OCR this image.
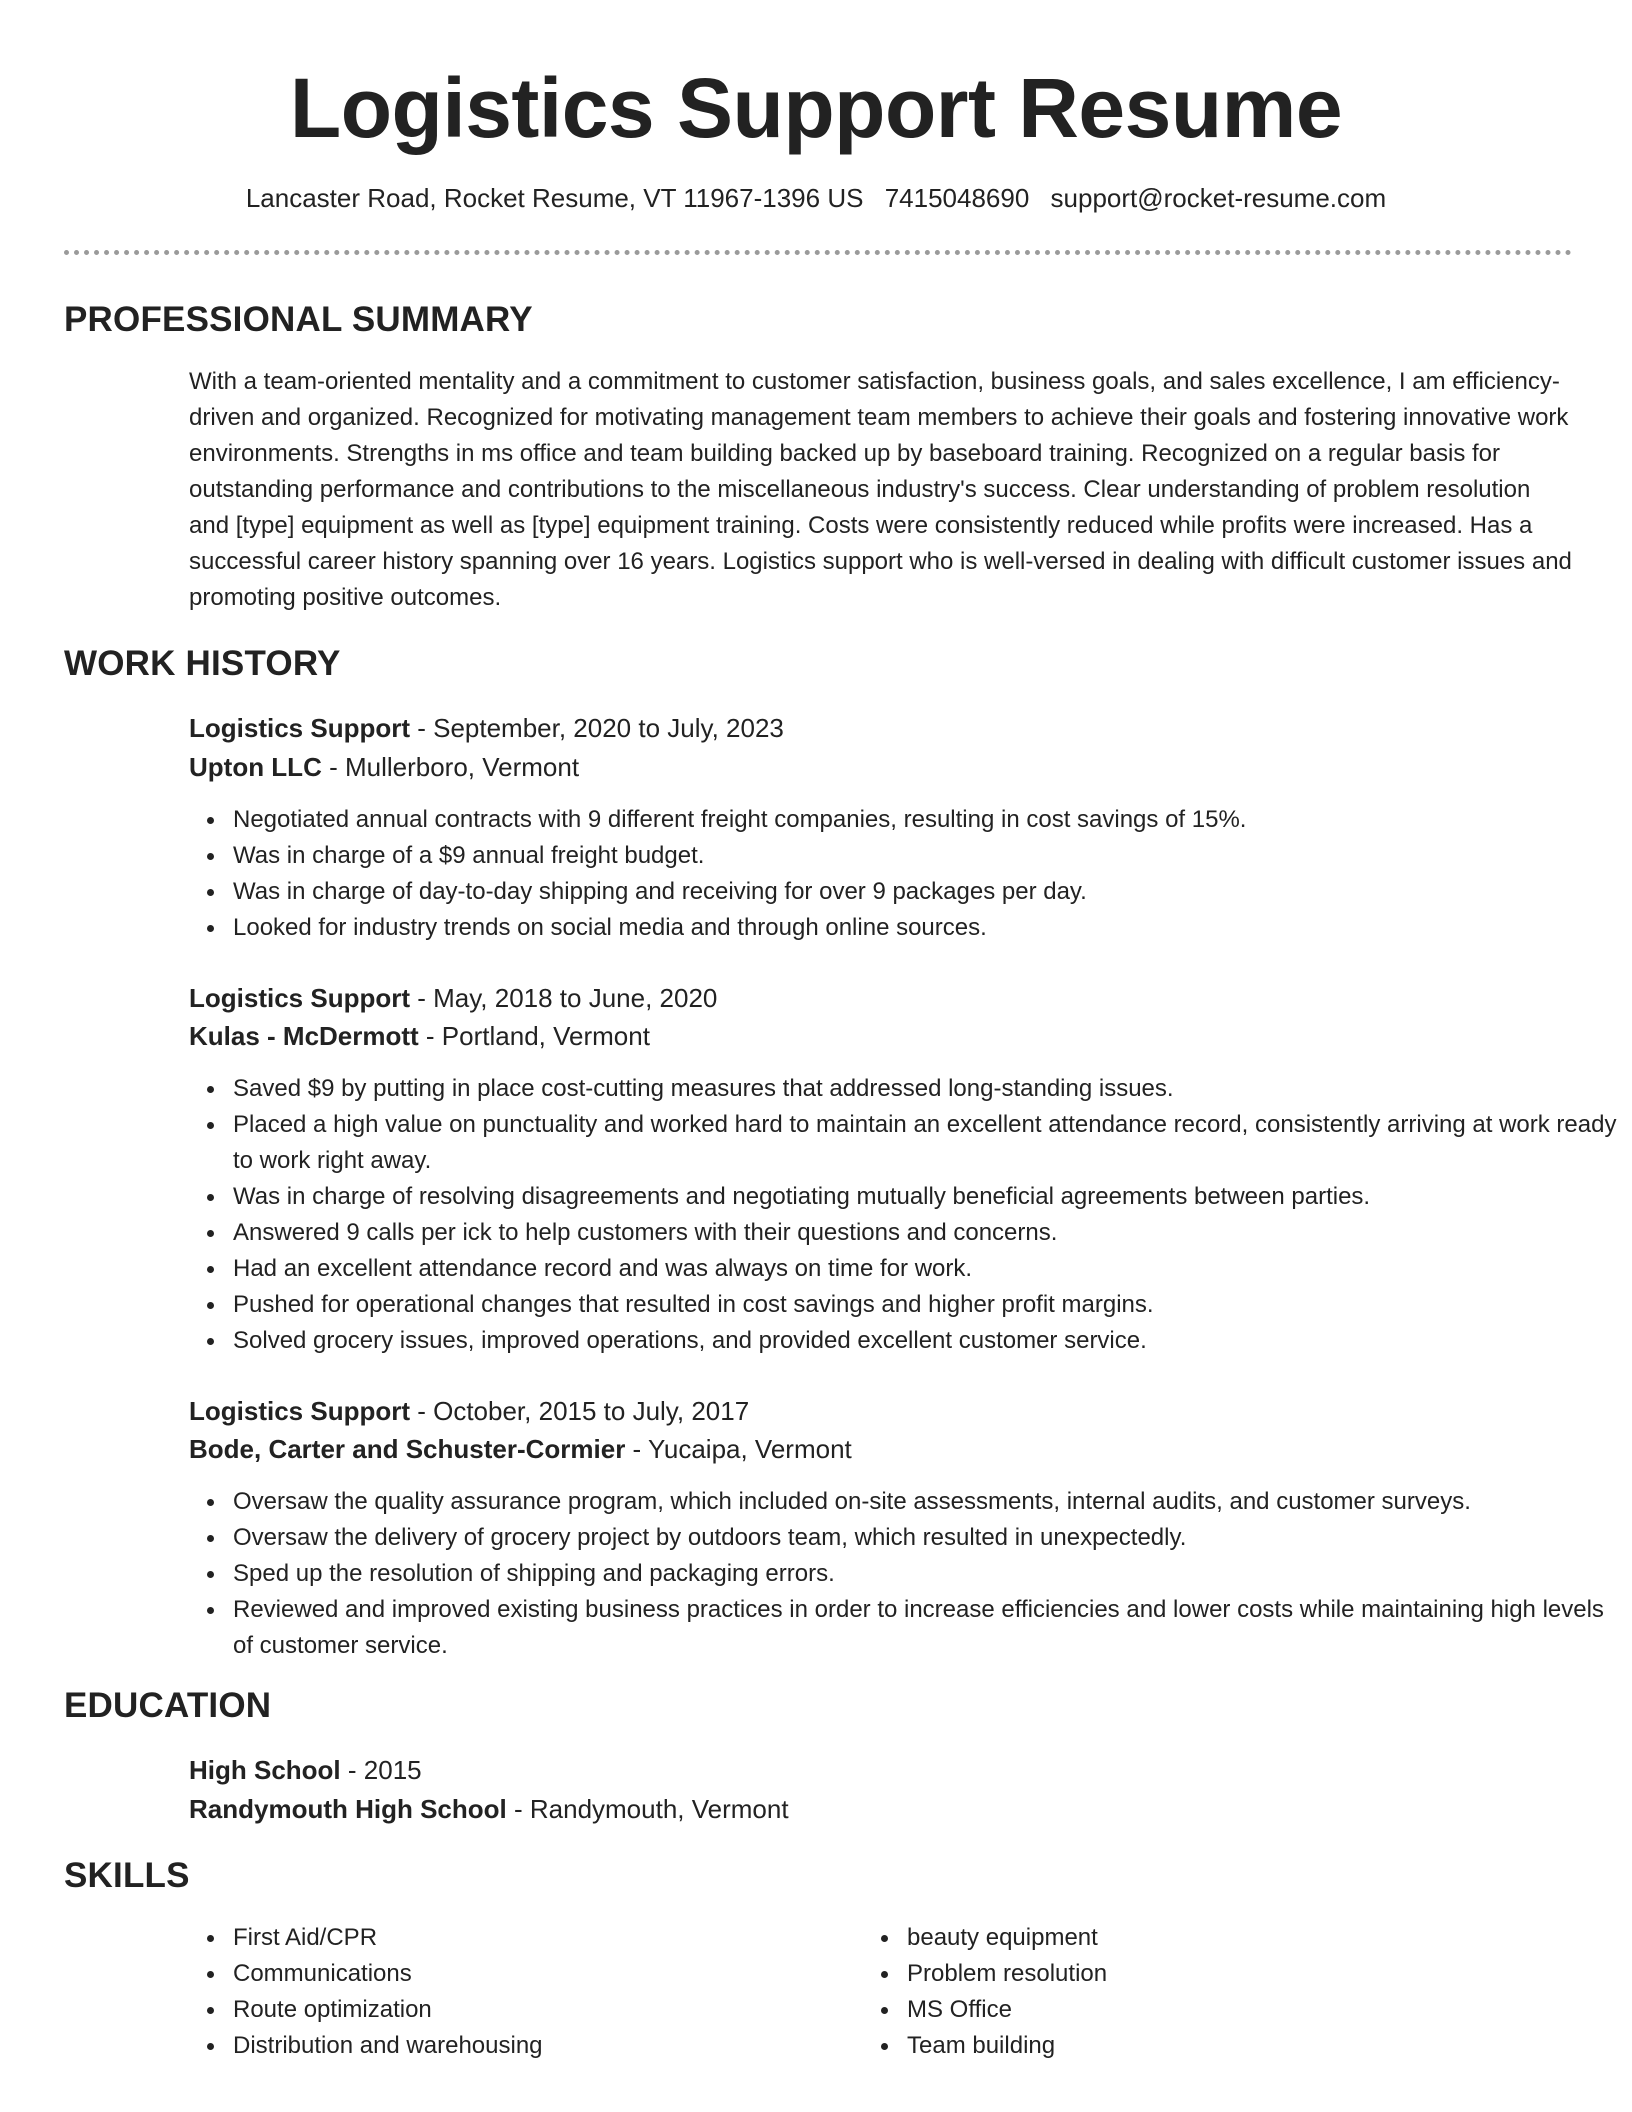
Logistics Support Resume
Lancaster Road, Rocket Resume, VT 11967-1396 US 7415048690 support@rocket-resume.com
PROFESSIONAL SUMMARY

With a team-oriented mentality and a commitment to customer satisfaction, business goals, and sales excellence, I am efficiency-driven and organized. Recognized for motivating management team members to achieve their goals and fostering innovative work environments. Strengths in ms office and team building backed up by baseboard training. Recognized on a regular basis for outstanding performance and contributions to the miscellaneous industry's success. Clear understanding of problem resolution and [type] equipment as well as [type] equipment training. Costs were consistently reduced while profits were increased. Has a successful career history spanning over 16 years. Logistics support who is well-versed in dealing with difficult customer issues and promoting positive outcomes.

WORK HISTORY
Logistics Support - September, 2020 to July, 2023
Upton LLC - Mullerboro, Vermont
Negotiated annual contracts with 9 different freight companies, resulting in cost savings of 15%.
Was in charge of a $9 annual freight budget.
Was in charge of day-to-day shipping and receiving for over 9 packages per day.
Looked for industry trends on social media and through online sources.
Logistics Support - May, 2018 to June, 2020
Kulas - McDermott - Portland, Vermont
Saved $9 by putting in place cost-cutting measures that addressed long-standing issues.
Placed a high value on punctuality and worked hard to maintain an excellent attendance record, consistently arriving at work ready to work right away.
Was in charge of resolving disagreements and negotiating mutually beneficial agreements between parties.
Answered 9 calls per ick to help customers with their questions and concerns.
Had an excellent attendance record and was always on time for work.
Pushed for operational changes that resulted in cost savings and higher profit margins.
Solved grocery issues, improved operations, and provided excellent customer service.
Logistics Support - October, 2015 to July, 2017
Bode, Carter and Schuster-Cormier - Yucaipa, Vermont
Oversaw the quality assurance program, which included on-site assessments, internal audits, and customer surveys.
Oversaw the delivery of grocery project by outdoors team, which resulted in unexpectedly.
Sped up the resolution of shipping and packaging errors.
Reviewed and improved existing business practices in order to increase efficiencies and lower costs while maintaining high levels of customer service.
EDUCATION
High School - 2015
Randymouth High School - Randymouth, Vermont
SKILLS
First Aid/CPR
Communications
Route optimization
Distribution and warehousing
beauty equipment
Problem resolution
MS Office
Team building
